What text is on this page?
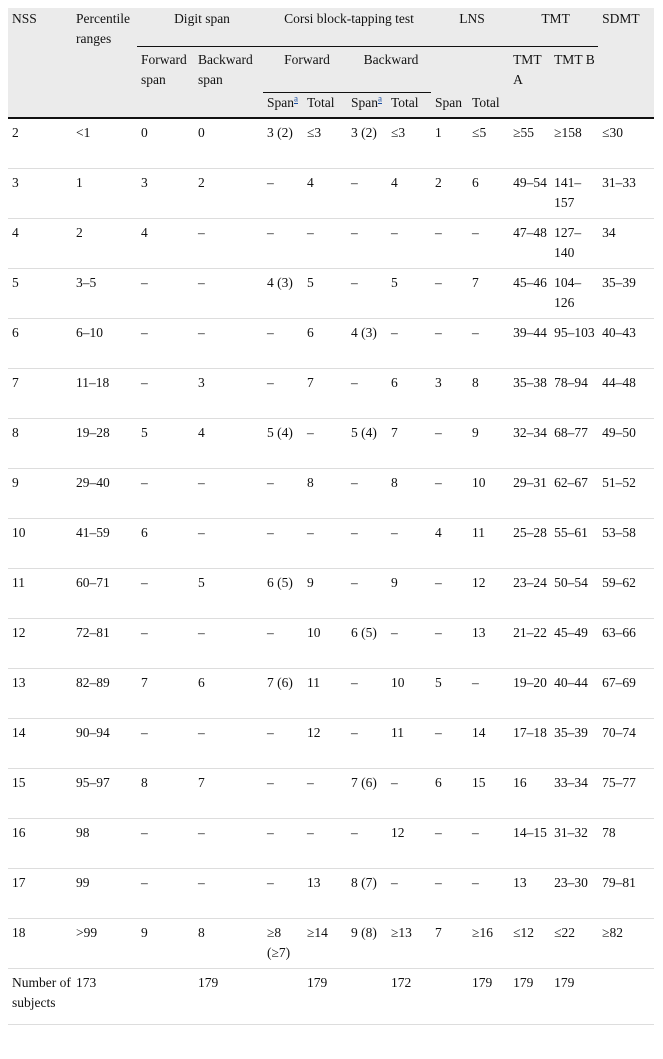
NSS	Percentile ranges	Digit span		Corsi block-tapping test				LNS		TMT		SDMT
		Forward span	Backward span	Forward		Backward				TMT A	TMT B	
				Span$^a$	Total	Span$^a$	Total	Span	Total			
2	<1	0	0	3 (2)	≤3	3 (2)	≤3	1	≤5	≥55	≥158	≤30
3	1	3	2	–	4	–	4	2	6	49–54	141–157	31–33
4	2	4	–	–	–	–	–	–	–	47–48	127–140	34
5	3–5	–	–	4 (3)	5	–	5	–	7	45–46	104–126	35–39
6	6–10	–	–	–	6	4 (3)	–	–	–	39–44	95–103	40–43
7	11–18	–	3	–	7	–	6	3	8	35–38	78–94	44–48
8	19–28	5	4	5 (4)	–	5 (4)	7	–	9	32–34	68–77	49–50
9	29–40	–	–	–	8	–	8	–	10	29–31	62–67	51–52
10	41–59	6	–	–	–	–	–	4	11	25–28	55–61	53–58
11	60–71	–	5	6 (5)	9	–	9	–	12	23–24	50–54	59–62
12	72–81	–	–	–	10	6 (5)	–	–	13	21–22	45–49	63–66
13	82–89	7	6	7 (6)	11	–	10	5	–	19–20	40–44	67–69
14	90–94	–	–	–	12	–	11	–	14	17–18	35–39	70–74
15	95–97	8	7	–	–	7 (6)	–	6	15	16	33–34	75–77
16	98	–	–	–	–	–	12	–	–	14–15	31–32	78
17	99	–	–	–	13	8 (7)	–	–	–	13	23–30	79–81
18	>99	9	8	≥8 (≥7)	≥14	9 (8)	≥13	7	≥16	≤12	≤22	≥82
Number of subjects	173		179		179		172		179	179	179	
